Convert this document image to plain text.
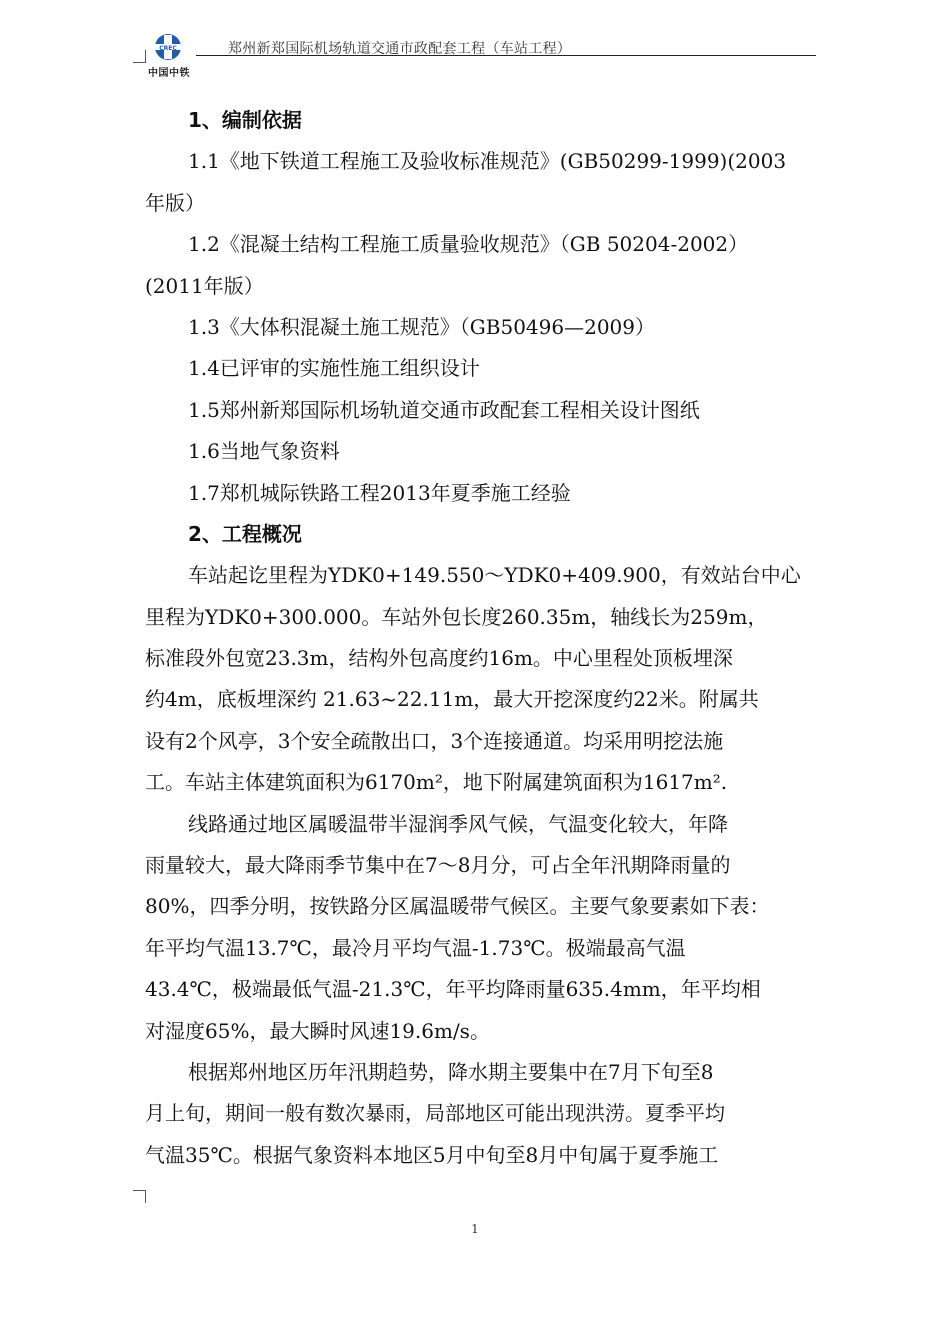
CREC
中国中铁
郑州新郑国际机场轨道交通市政配套工程（车站工程）
1、编制依据
1.1《地下铁道工程施工及验收标准规范》(GB50299-1999)(2003
年版）
1.2《混凝土结构工程施工质量验收规范》（GB 50204-2002）
(2011年版）
1.3《大体积混凝土施工规范》（GB50496—2009）
1.4已评审的实施性施工组织设计
1.5郑州新郑国际机场轨道交通市政配套工程相关设计图纸
1.6当地气象资料
1.7郑机城际铁路工程2013年夏季施工经验
2、工程概况
车站起讫里程为YDK0+149.550～YDK0+409.900，有效站台中心
里程为YDK0+300.000。车站外包长度260.35m，轴线长为259m，
标准段外包宽23.3m，结构外包高度约16m。中心里程处顶板埋深
约4m，底板埋深约 21.63~22.11m，最大开挖深度约22米。附属共
设有2个风亭，3个安全疏散出口，3个连接通道。均采用明挖法施
工。车站主体建筑面积为6170m²，地下附属建筑面积为1617m².
线路通过地区属暖温带半湿润季风气候，气温变化较大，年降
雨量较大，最大降雨季节集中在7～8月分，可占全年汛期降雨量的
80%，四季分明，按铁路分区属温暖带气候区。主要气象要素如下表：
年平均气温13.7℃，最冷月平均气温-1.73℃。极端最高气温
43.4℃，极端最低气温-21.3℃，年平均降雨量635.4mm，年平均相
对湿度65%，最大瞬时风速19.6m/s。
根据郑州地区历年汛期趋势，降水期主要集中在7月下旬至8
月上旬，期间一般有数次暴雨，局部地区可能出现洪涝。夏季平均
气温35℃。根据气象资料本地区5月中旬至8月中旬属于夏季施工
1
